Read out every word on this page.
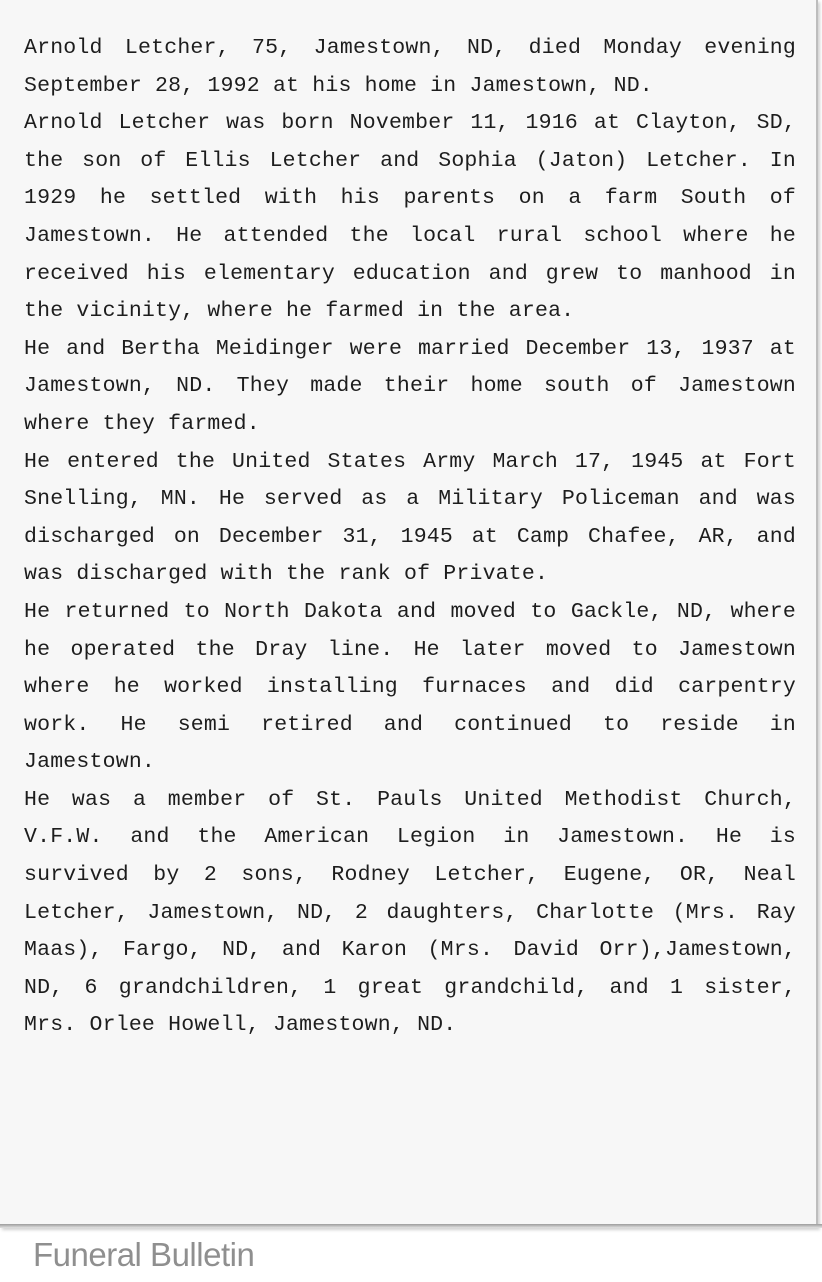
Arnold Letcher, 75, Jamestown, ND, died Monday evening September 28, 1992 at his home in Jamestown, ND.

Arnold Letcher was born November 11, 1916 at Clayton, SD, the son of Ellis Letcher and Sophia (Jaton) Letcher. In 1929 he settled with his parents on a farm South of Jamestown. He attended the local rural school where he received his elementary education and grew to manhood in the vicinity, where he farmed in the area.

He and Bertha Meidinger were married December 13, 1937 at Jamestown, ND. They made their home south of Jamestown where they farmed.

He entered the United States Army March 17, 1945 at Fort Snelling, MN. He served as a Military Policeman and was discharged on December 31, 1945 at Camp Chafee, AR, and was discharged with the rank of Private.

He returned to North Dakota and moved to Gackle, ND, where he operated the Dray line. He later moved to Jamestown where he worked installing furnaces and did carpentry work. He semi retired and continued to reside in Jamestown.

He was a member of St. Pauls United Methodist Church, V.F.W. and the American Legion in Jamestown. He is survived by 2 sons, Rodney Letcher, Eugene, OR, Neal Letcher, Jamestown, ND, 2 daughters, Charlotte (Mrs. Ray Maas), Fargo, ND, and Karon (Mrs. David Orr),Jamestown, ND, 6 grandchildren, 1 great grandchild, and 1 sister, Mrs. Orlee Howell, Jamestown, ND.

Funeral Bulletin
